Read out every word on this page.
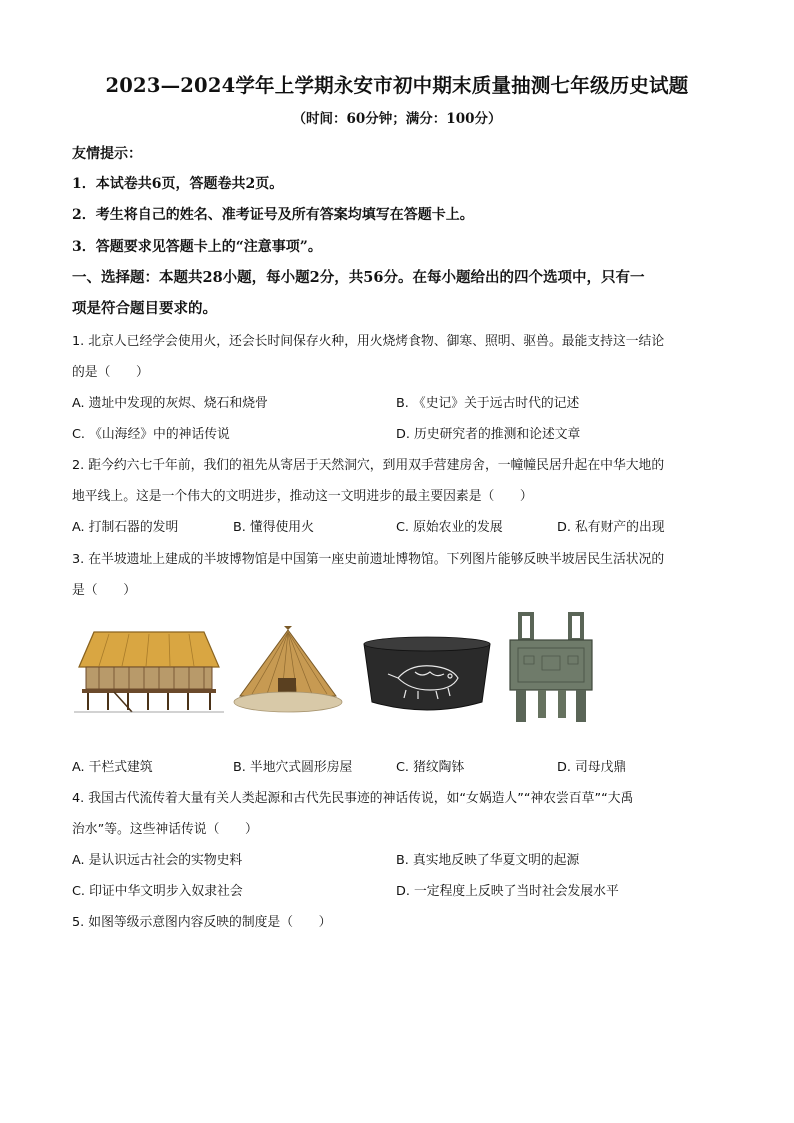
2023—2024学年上学期永安市初中期末质量抽测七年级历史试题
（时间：60分钟；满分：100分）
友情提示：
1．本试卷共6页，答题卷共2页。
2．考生将自己的姓名、准考证号及所有答案均填写在答题卡上。
3．答题要求见答题卡上的“注意事项”。
一、选择题：本题共28小题，每小题2分，共56分。在每小题给出的四个选项中，只有一
项是符合题目要求的。
1. 北京人已经学会使用火，还会长时间保存火种，用火烧烤食物、御寒、照明、驱兽。最能支持这一结论
的是（　　）
A. 遗址中发现的灰烬、烧石和烧骨	B. 《史记》关于远古时代的记述
C. 《山海经》中的神话传说	D. 历史研究者的推测和论述文章
2. 距今约六七千年前，我们的祖先从寄居于天然洞穴，到用双手营建房舍，一幢幢民居升起在中华大地的
地平线上。这是一个伟大的文明进步，推动这一文明进步的最主要因素是（　　）
A. 打制石器的发明	B. 懂得使用火	C. 原始农业的发展	D. 私有财产的出现
3. 在半坡遗址上建成的半坡博物馆是中国第一座史前遗址博物馆。下列图片能够反映半坡居民生活状况的
是（　　）
A. 干栏式建筑	B. 半地穴式圆形房屋	C. 猪纹陶钵	D. 司母戊鼎
4. 我国古代流传着大量有关人类起源和古代先民事迹的神话传说，如“女娲造人”“神农尝百草”“大禹
治水”等。这些神话传说（　　）
A. 是认识远古社会的实物史料	B. 真实地反映了华夏文明的起源
C. 印证中华文明步入奴隶社会	D. 一定程度上反映了当时社会发展水平
5. 如图等级示意图内容反映的制度是（　　）
